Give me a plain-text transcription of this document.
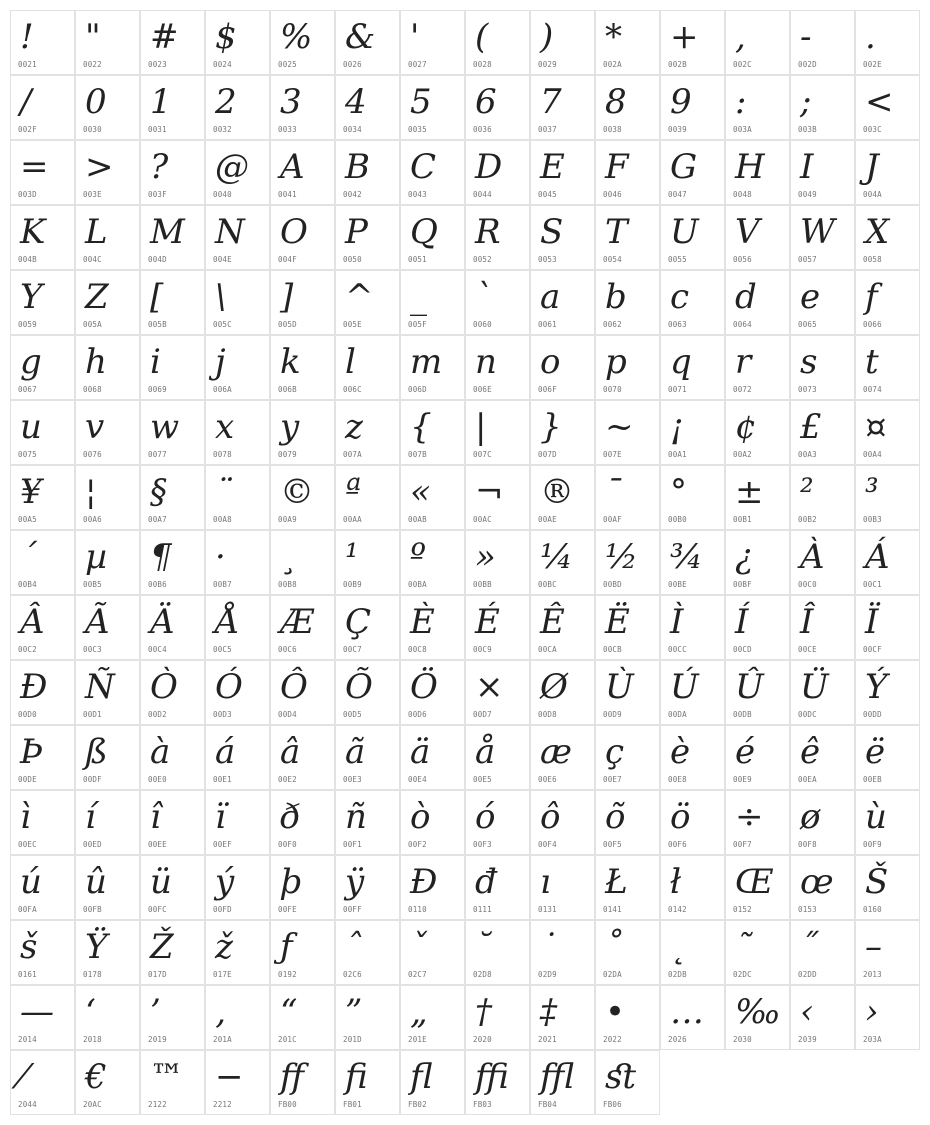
!
0021
"
0022
#
0023
$
0024
%
0025
&
0026
'
0027
(
0028
)
0029
*
002A
+
002B
,
002C
-
002D
.
002E
/
002F
0
0030
1
0031
2
0032
3
0033
4
0034
5
0035
6
0036
7
0037
8
0038
9
0039
:
003A
;
003B
<
003C
=
003D
>
003E
?
003F
@
0040
A
0041
B
0042
C
0043
D
0044
E
0045
F
0046
G
0047
H
0048
I
0049
J
004A
K
004B
L
004C
M
004D
N
004E
O
004F
P
0050
Q
0051
R
0052
S
0053
T
0054
U
0055
V
0056
W
0057
X
0058
Y
0059
Z
005A
[
005B
\
005C
]
005D
^
005E
_
005F
`
0060
a
0061
b
0062
c
0063
d
0064
e
0065
f
0066
g
0067
h
0068
i
0069
j
006A
k
006B
l
006C
m
006D
n
006E
o
006F
p
0070
q
0071
r
0072
s
0073
t
0074
u
0075
v
0076
w
0077
x
0078
y
0079
z
007A
{
007B
|
007C
}
007D
~
007E
¡
00A1
¢
00A2
£
00A3
¤
00A4
¥
00A5
¦
00A6
§
00A7
¨
00A8
©
00A9
ª
00AA
«
00AB
¬
00AC
®
00AE
¯
00AF
°
00B0
±
00B1
²
00B2
³
00B3
´
00B4
µ
00B5
¶
00B6
·
00B7
¸
00B8
¹
00B9
º
00BA
»
00BB
¼
00BC
½
00BD
¾
00BE
¿
00BF
À
00C0
Á
00C1
Â
00C2
Ã
00C3
Ä
00C4
Å
00C5
Æ
00C6
Ç
00C7
È
00C8
É
00C9
Ê
00CA
Ë
00CB
Ì
00CC
Í
00CD
Î
00CE
Ï
00CF
Ð
00D0
Ñ
00D1
Ò
00D2
Ó
00D3
Ô
00D4
Õ
00D5
Ö
00D6
×
00D7
Ø
00D8
Ù
00D9
Ú
00DA
Û
00DB
Ü
00DC
Ý
00DD
Þ
00DE
ß
00DF
à
00E0
á
00E1
â
00E2
ã
00E3
ä
00E4
å
00E5
æ
00E6
ç
00E7
è
00E8
é
00E9
ê
00EA
ë
00EB
ì
00EC
í
00ED
î
00EE
ï
00EF
ð
00F0
ñ
00F1
ò
00F2
ó
00F3
ô
00F4
õ
00F5
ö
00F6
÷
00F7
ø
00F8
ù
00F9
ú
00FA
û
00FB
ü
00FC
ý
00FD
þ
00FE
ÿ
00FF
Đ
0110
đ
0111
ı
0131
Ł
0141
ł
0142
Œ
0152
œ
0153
Š
0160
š
0161
Ÿ
0178
Ž
017D
ž
017E
ƒ
0192
ˆ
02C6
ˇ
02C7
˘
02D8
˙
02D9
˚
02DA
˛
02DB
˜
02DC
˝
02DD
–
2013
—
2014
‘
2018
’
2019
‚
201A
“
201C
”
201D
„
201E
†
2020
‡
2021
•
2022
…
2026
‰
2030
‹
2039
›
203A
⁄
2044
€
20AC
™
2122
−
2212
ﬀ
FB00
ﬁ
FB01
ﬂ
FB02
ﬃ
FB03
ﬄ
FB04
ﬆ
FB06
